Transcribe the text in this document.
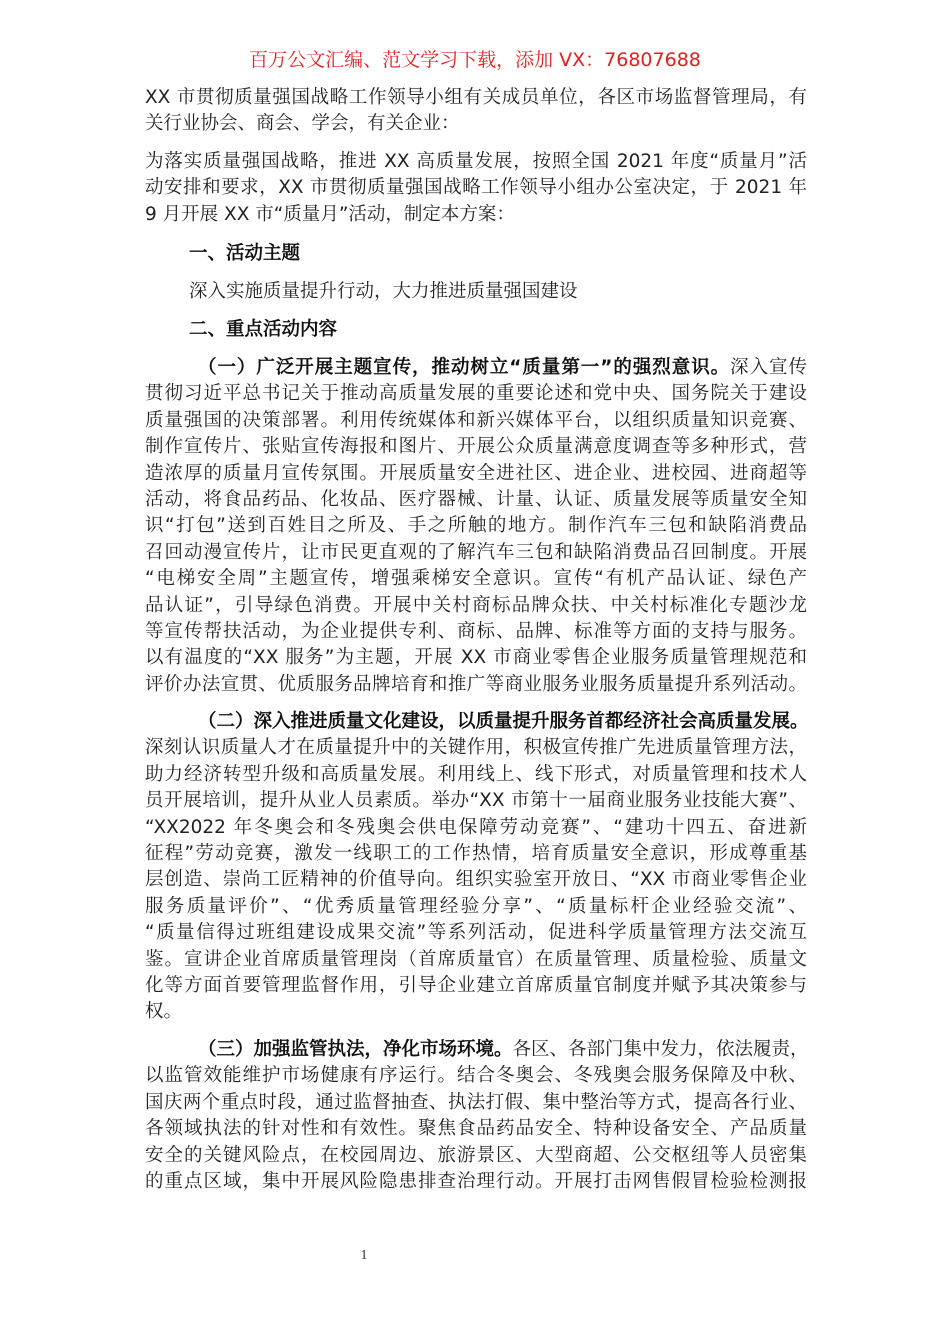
百万公文汇编、范文学习下载，添加 VX：76807688
XX 市贯彻质量强国战略工作领导小组有关成员单位，各区市场监督管理局，有
关行业协会、商会、学会，有关企业：
为落实质量强国战略，推进 XX 高质量发展，按照全国 2021 年度“质量月”活
动安排和要求，XX 市贯彻质量强国战略工作领导小组办公室决定，于 2021 年
9 月开展 XX 市“质量月”活动，制定本方案：
一、活动主题
深入实施质量提升行动，大力推进质量强国建设
二、重点活动内容
（一）广泛开展主题宣传，推动树立“质量第一”的强烈意识。深入宣传
贯彻习近平总书记关于推动高质量发展的重要论述和党中央、国务院关于建设
质量强国的决策部署。利用传统媒体和新兴媒体平台，以组织质量知识竞赛、
制作宣传片、张贴宣传海报和图片、开展公众质量满意度调查等多种形式，营
造浓厚的质量月宣传氛围。开展质量安全进社区、进企业、进校园、进商超等
活动，将食品药品、化妆品、医疗器械、计量、认证、质量发展等质量安全知
识“打包”送到百姓目之所及、手之所触的地方。制作汽车三包和缺陷消费品
召回动漫宣传片，让市民更直观的了解汽车三包和缺陷消费品召回制度。开展
“电梯安全周”主题宣传，增强乘梯安全意识。宣传“有机产品认证、绿色产
品认证”，引导绿色消费。开展中关村商标品牌众扶、中关村标准化专题沙龙
等宣传帮扶活动，为企业提供专利、商标、品牌、标准等方面的支持与服务。
以有温度的“XX 服务”为主题，开展 XX 市商业零售企业服务质量管理规范和
评价办法宣贯、优质服务品牌培育和推广等商业服务业服务质量提升系列活动。
（二）深入推进质量文化建设，以质量提升服务首都经济社会高质量发展。
深刻认识质量人才在质量提升中的关键作用，积极宣传推广先进质量管理方法，
助力经济转型升级和高质量发展。利用线上、线下形式，对质量管理和技术人
员开展培训，提升从业人员素质。举办“XX 市第十一届商业服务业技能大赛”、
“XX2022 年冬奥会和冬残奥会供电保障劳动竞赛”、“建功十四五、奋进新
征程”劳动竞赛，激发一线职工的工作热情，培育质量安全意识，形成尊重基
层创造、崇尚工匠精神的价值导向。组织实验室开放日、“XX 市商业零售企业
服务质量评价”、“优秀质量管理经验分享”、“质量标杆企业经验交流”、
“质量信得过班组建设成果交流”等系列活动，促进科学质量管理方法交流互
鉴。宣讲企业首席质量管理岗（首席质量官）在质量管理、质量检验、质量文
化等方面首要管理监督作用，引导企业建立首席质量官制度并赋予其决策参与
权。
（三）加强监管执法，净化市场环境。各区、各部门集中发力，依法履责，
以监管效能维护市场健康有序运行。结合冬奥会、冬残奥会服务保障及中秋、
国庆两个重点时段，通过监督抽查、执法打假、集中整治等方式，提高各行业、
各领域执法的针对性和有效性。聚焦食品药品安全、特种设备安全、产品质量
安全的关键风险点，在校园周边、旅游景区、大型商超、公交枢纽等人员密集
的重点区域，集中开展风险隐患排查治理行动。开展打击网售假冒检验检测报
1
